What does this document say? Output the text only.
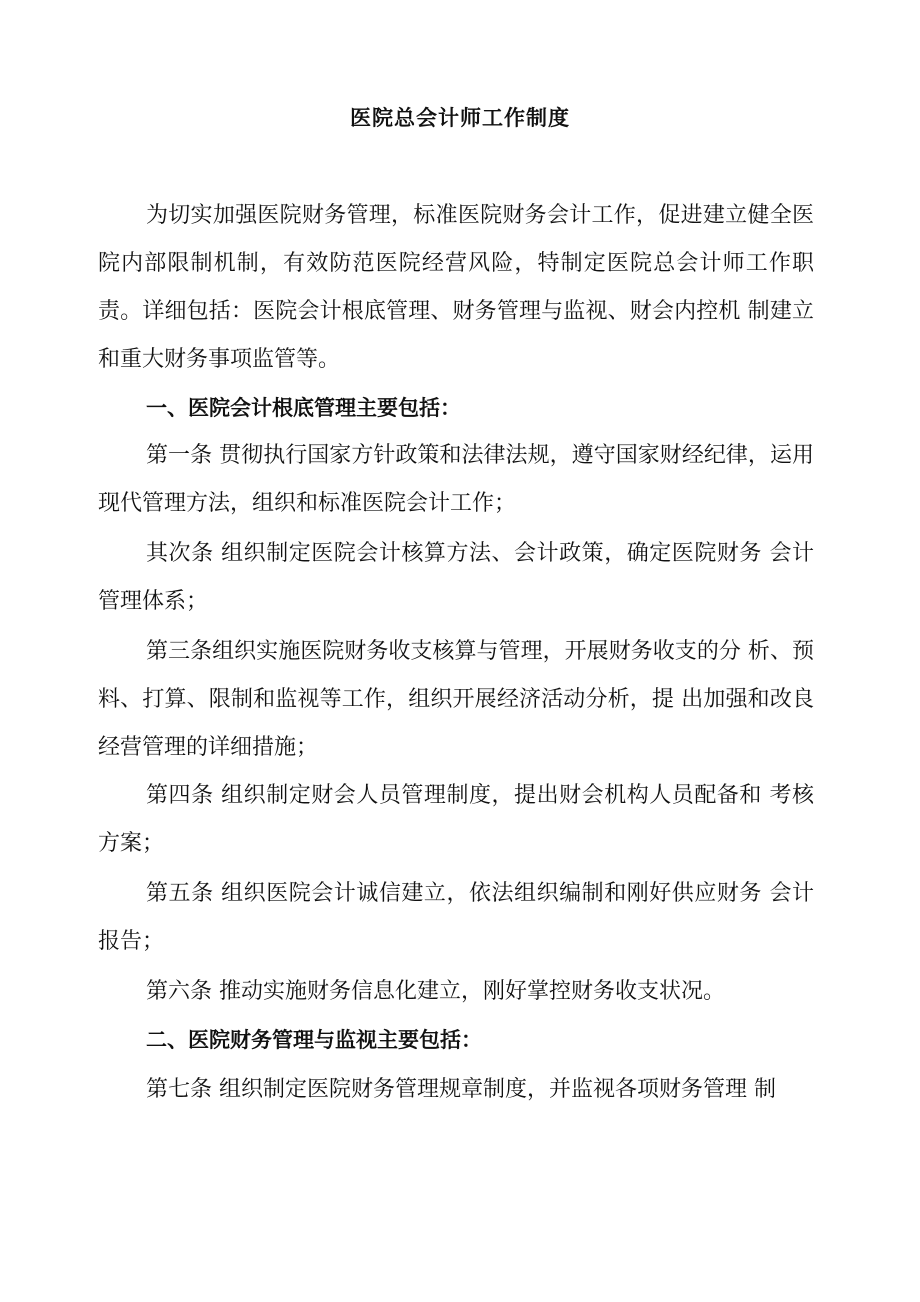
医院总会计师工作制度

为切实加强医院财务管理，标准医院财务会计工作，促进建立健全医院内部限制机制，有效防范医院经营风险，特制定医院总会计师工作职责。详细包括：医院会计根底管理、财务管理与监视、财会内控机 制建立和重大财务事项监管等。

一、医院会计根底管理主要包括：

第一条 贯彻执行国家方针政策和法律法规，遵守国家财经纪律，运用现代管理方法，组织和标准医院会计工作；

其次条 组织制定医院会计核算方法、会计政策，确定医院财务 会计管理体系；

第三条组织实施医院财务收支核算与管理，开展财务收支的分 析、预料、打算、限制和监视等工作，组织开展经济活动分析，提 出加强和改良经营管理的详细措施；

第四条 组织制定财会人员管理制度，提出财会机构人员配备和 考核方案；

第五条 组织医院会计诚信建立，依法组织编制和刚好供应财务 会计报告；

第六条 推动实施财务信息化建立，刚好掌控财务收支状况。

二、医院财务管理与监视主要包括：

第七条 组织制定医院财务管理规章制度，并监视各项财务管理 制
